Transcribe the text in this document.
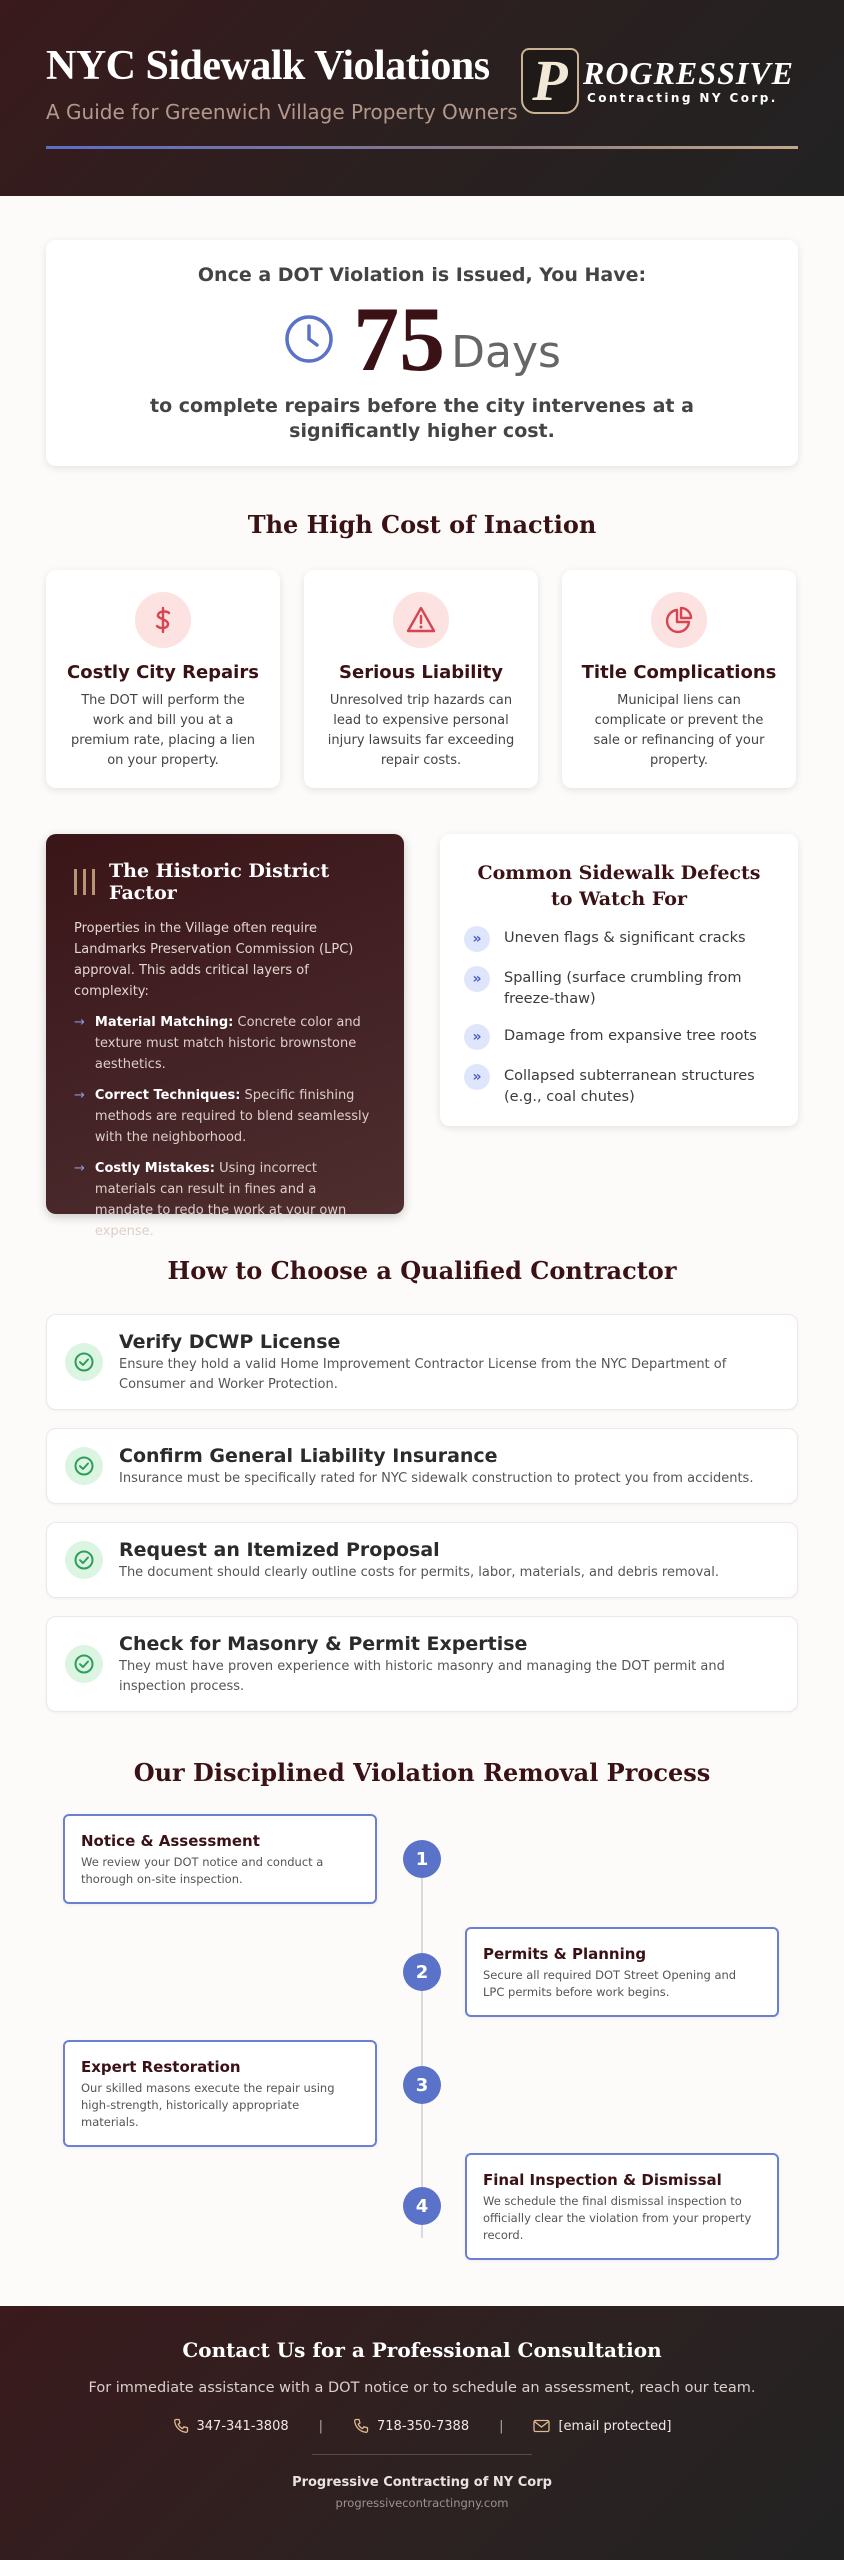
NYC Sidewalk Violations
A Guide for Greenwich Village Property Owners P ROGRESSIVE
Contracting NY Corp.
Once a DOT Violation is Issued, You Have:
75 Days
to complete repairs before the city intervenes at a significantly higher cost.
The High Cost of Inaction
Costly City Repairs
The DOT will perform the work and bill you at a premium rate, placing a lien on your property.
Serious Liability
Unresolved trip hazards can lead to expensive personal injury lawsuits far exceeding repair costs.
Title Complications
Municipal liens can complicate or prevent the sale or refinancing of your property.
The Historic District Factor
Properties in the Village often require Landmarks Preservation Commission (LPC) approval. This adds critical layers of complexity:
→ Material Matching: Concrete color and texture must match historic brownstone aesthetics.
→ Correct Techniques: Specific finishing methods are required to blend seamlessly with the neighborhood.
→ Costly Mistakes: Using incorrect materials can result in fines and a mandate to redo the work at your own expense.
Common Sidewalk Defects to Watch For
»	Uneven flags & significant cracks
»	Spalling (surface crumbling from freeze-thaw)
»	Damage from expansive tree roots
»	Collapsed subterranean structures (e.g., coal chutes)
How to Choose a Qualified Contractor
Verify DCWP License
Ensure they hold a valid Home Improvement Contractor License from the NYC Department of Consumer and Worker Protection.
Confirm General Liability Insurance
Insurance must be specifically rated for NYC sidewalk construction to protect you from accidents.
Request an Itemized Proposal
The document should clearly outline costs for permits, labor, materials, and debris removal.
Check for Masonry & Permit Expertise
They must have proven experience with historic masonry and managing the DOT permit and inspection process.
Our Disciplined Violation Removal Process
Notice & Assessment
We review your DOT notice and conduct a thorough on-site inspection.
1
Permits & Planning
Secure all required DOT Street Opening and LPC permits before work begins.
2
Expert Restoration
Our skilled masons execute the repair using high-strength, historically appropriate materials.
3
Final Inspection & Dismissal
We schedule the final dismissal inspection to officially clear the violation from your property record.
4
Contact Us for a Professional Consultation
For immediate assistance with a DOT notice or to schedule an assessment, reach our team.
347-341-3808 |	718-350-7388 |	[email protected]
Progressive Contracting of NY Corp
progressivecontractingny.com
